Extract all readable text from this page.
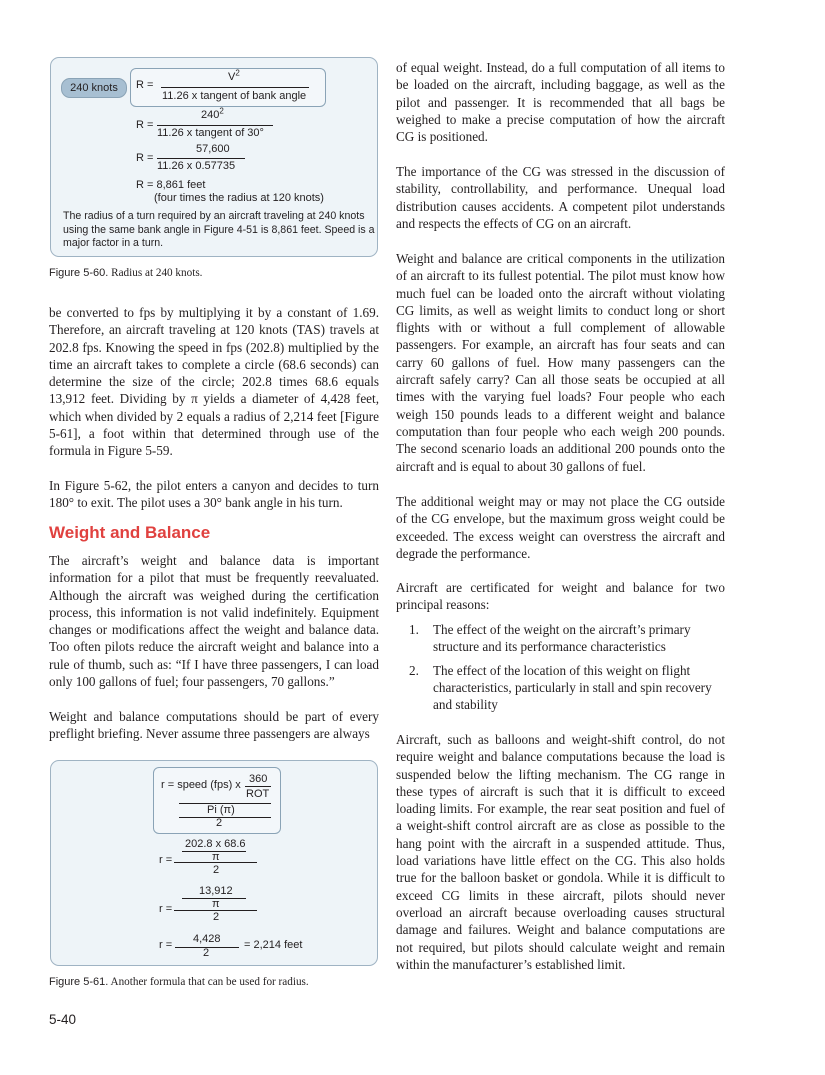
240 knots	R =
$V^2$
11.26 x tangent of bank angle
R =
$240^2$
11.26 x tangent of 30°
R =
57,600
11.26 x 0.57735
R = 8,861 feet
(four times the radius at 120 knots)
The radius of a turn required by an aircraft traveling at 240 knots using the same bank angle in Figure 4-51 is 8,861 feet. Speed is a major factor in a turn.
Figure 5-60. Radius at 240 knots.

be converted to fps by multiplying it by a constant of 1.69. Therefore, an aircraft traveling at 120 knots (TAS) travels at 202.8 fps. Knowing the speed in fps (202.8) multiplied by the time an aircraft takes to complete a circle (68.6 seconds) can determine the size of the circle; 202.8 times 68.6 equals 13,912 feet. Dividing by π yields a diameter of 4,428 feet, which when divided by 2 equals a radius of 2,214 feet [Figure 5-61], a foot within that determined through use of the formula in Figure 5-59.

In Figure 5-62, the pilot enters a canyon and decides to turn 180° to exit. The pilot uses a 30° bank angle in his turn.

Weight and Balance

The aircraft’s weight and balance data is important information for a pilot that must be frequently reevaluated. Although the aircraft was weighed during the certification process, this information is not valid indefinitely. Equipment changes or modifications affect the weight and balance data. Too often pilots reduce the aircraft weight and balance into a rule of thumb, such as: “If I have three passengers, I can load only 100 gallons of fuel; four passengers, 70 gallons.”

Weight and balance computations should be part of every preflight briefing. Never assume three passengers are always

r = speed (fps) x 360
ROT
Pi (π)
2
r =
202.8 x 68.6
π
2
r =
13,912
π
2
r = 4,428
2
= 2,214 feet
Figure 5-61. Another formula that can be used for radius.

of equal weight. Instead, do a full computation of all items to be loaded on the aircraft, including baggage, as well as the pilot and passenger. It is recommended that all bags be weighed to make a precise computation of how the aircraft CG is positioned.

The importance of the CG was stressed in the discussion of stability, controllability, and performance. Unequal load distribution causes accidents. A competent pilot understands and respects the effects of CG on an aircraft.

Weight and balance are critical components in the utilization of an aircraft to its fullest potential. The pilot must know how much fuel can be loaded onto the aircraft without violating CG limits, as well as weight limits to conduct long or short flights with or without a full complement of allowable passengers. For example, an aircraft has four seats and can carry 60 gallons of fuel. How many passengers can the aircraft safely carry? Can all those seats be occupied at all times with the varying fuel loads? Four people who each weigh 150 pounds leads to a different weight and balance computation than four people who each weigh 200 pounds. The second scenario loads an additional 200 pounds onto the aircraft and is equal to about 30 gallons of fuel.

The additional weight may or may not place the CG outside of the CG envelope, but the maximum gross weight could be exceeded. The excess weight can overstress the aircraft and degrade the performance.

Aircraft are certificated for weight and balance for two principal reasons:

1. The effect of the weight on the aircraft’s primary structure and its performance characteristics
2. The effect of the location of this weight on flight characteristics, particularly in stall and spin recovery and stability

Aircraft, such as balloons and weight-shift control, do not require weight and balance computations because the load is suspended below the lifting mechanism. The CG range in these types of aircraft is such that it is difficult to exceed loading limits. For example, the rear seat position and fuel of a weight-shift control aircraft are as close as possible to the hang point with the aircraft in a suspended attitude. Thus, load variations have little effect on the CG. This also holds true for the balloon basket or gondola. While it is difficult to exceed CG limits in these aircraft, pilots should never overload an aircraft because overloading causes structural damage and failures. Weight and balance computations are not required, but pilots should calculate weight and remain within the manufacturer’s established limit.

5-40
